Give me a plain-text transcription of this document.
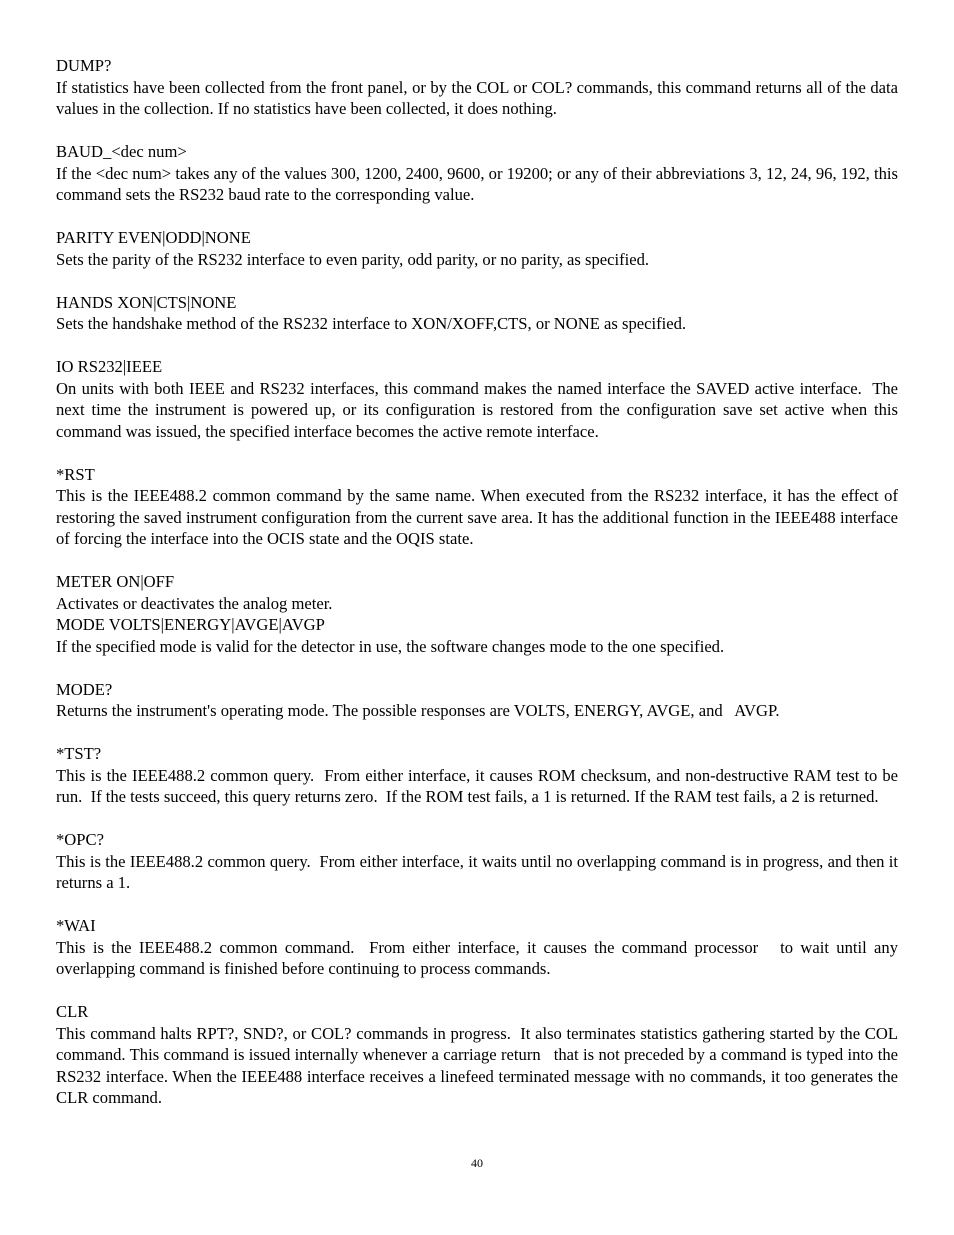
DUMP?
If statistics have been collected from the front panel, or by the COL or COL? commands, this command returns all of the data values in the collection. If no statistics have been collected, it does nothing.
BAUD_<dec num>
If the <dec num> takes any of the values 300, 1200, 2400, 9600, or 19200; or any of their abbreviations 3, 12, 24, 96, 192, this command sets the RS232 baud rate to the corresponding value.
PARITY EVEN|ODD|NONE
Sets the parity of the RS232 interface to even parity, odd parity, or no parity, as specified.
HANDS XON|CTS|NONE
Sets the handshake method of the RS232 interface to XON/XOFF,CTS, or NONE as specified.
IO RS232|IEEE
On units with both IEEE and RS232 interfaces, this command makes the named interface the SAVED active interface.  The next time the instrument is powered up, or its configuration is restored from the configuration save set active when this command was issued, the specified interface becomes the active remote interface.
*RST
This is the IEEE488.2 common command by the same name. When executed from the RS232 interface, it has the effect of restoring the saved instrument configuration from the current save area. It has the additional function in the IEEE488 interface of forcing the interface into the OCIS state and the OQIS state.
METER ON|OFF
Activates or deactivates the analog meter.
MODE VOLTS|ENERGY|AVGE|AVGP
If the specified mode is valid for the detector in use, the software changes mode to the one specified.
MODE?
Returns the instrument's operating mode. The possible responses are VOLTS, ENERGY, AVGE, and   AVGP.
*TST?
This is the IEEE488.2 common query.  From either interface, it causes ROM checksum, and non-destructive RAM test to be run.  If the tests succeed, this query returns zero.  If the ROM test fails, a 1 is returned. If the RAM test fails, a 2 is returned.
*OPC?
This is the IEEE488.2 common query.  From either interface, it waits until no overlapping command is in progress, and then it returns a 1.
*WAI
This is the IEEE488.2 common command.  From either interface, it causes the command processor   to wait until any overlapping command is finished before continuing to process commands.
CLR
This command halts RPT?, SND?, or COL? commands in progress.  It also terminates statistics gathering started by the COL command. This command is issued internally whenever a carriage return   that is not preceded by a command is typed into the RS232 interface. When the IEEE488 interface receives a linefeed terminated message with no commands, it too generates the CLR command.
40
